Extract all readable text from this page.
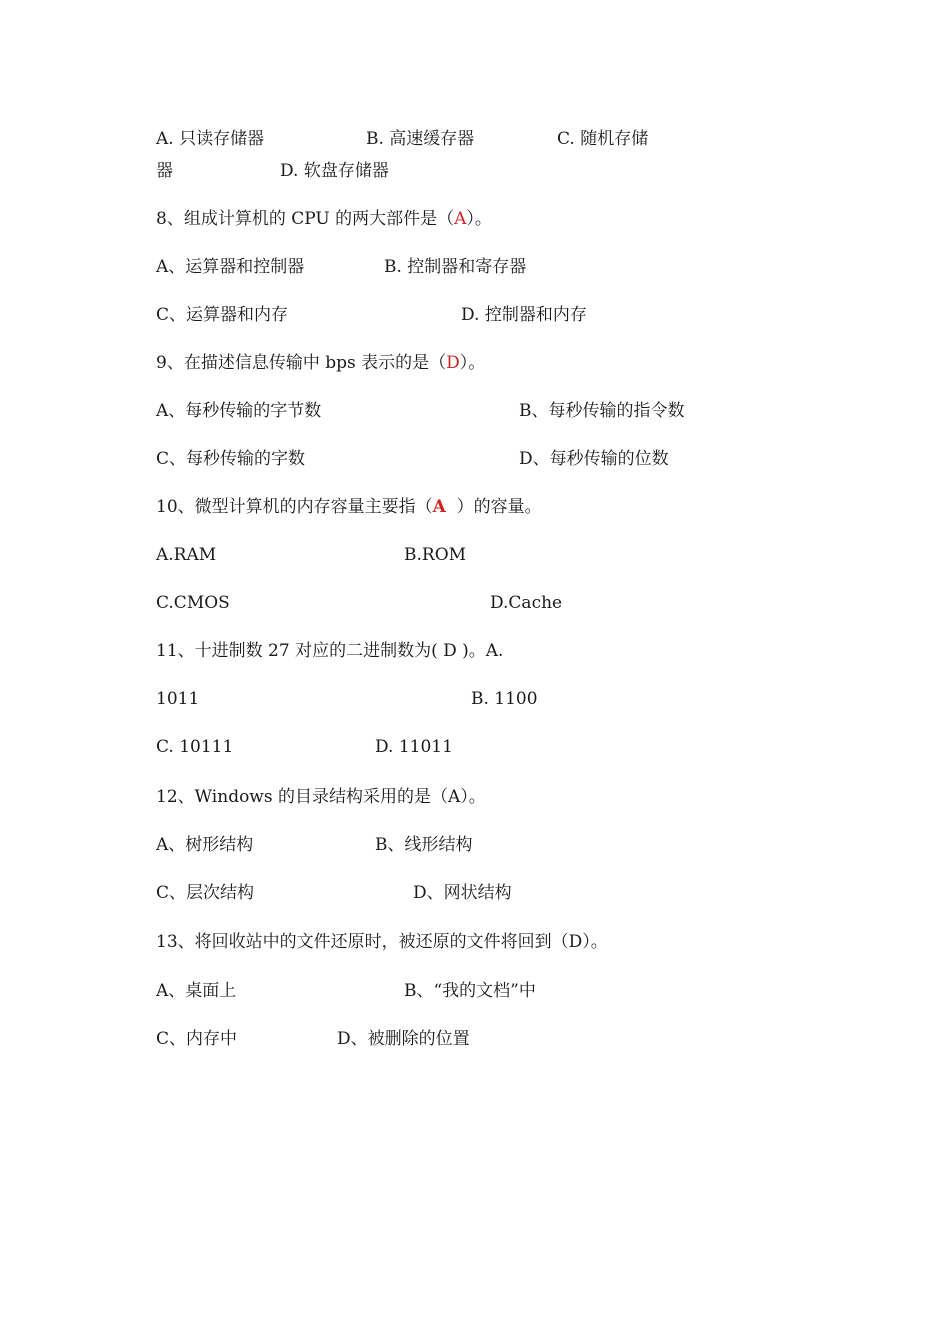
A. 只读存储器	B. 高速缓存器	C. 随机存储
器	D. 软盘存储器
8、组成计算机的 CPU 的两大部件是（A）。
A、运算器和控制器	B. 控制器和寄存器
C、运算器和内存	D. 控制器和内存
9、在描述信息传输中 bps 表示的是（D）。
A、每秒传输的字节数	B、每秒传输的指令数
C、每秒传输的字数	D、每秒传输的位数
10、微型计算机的内存容量主要指（A  ）的容量。
A.RAM	B.ROM
C.CMOS	D.Cache
11、十进制数 27 对应的二进制数为( D )。A.
1011	B. 1100
C. 10111	D. 11011
12、Windows 的目录结构采用的是（A）。
A、树形结构	B、线形结构
C、层次结构	D、网状结构
13、将回收站中的文件还原时，被还原的文件将回到（D）。
A、桌面上	B、“我的文档”中
C、内存中	D、被删除的位置
